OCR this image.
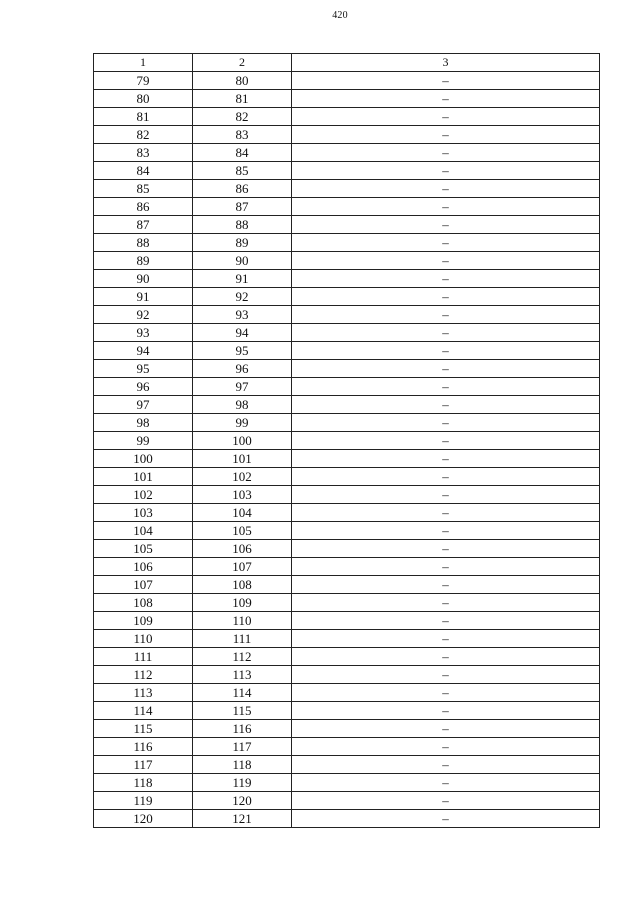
420
1	2	3
79	80	–
80	81	–
81	82	–
82	83	–
83	84	–
84	85	–
85	86	–
86	87	–
87	88	–
88	89	–
89	90	–
90	91	–
91	92	–
92	93	–
93	94	–
94	95	–
95	96	–
96	97	–
97	98	–
98	99	–
99	100	–
100	101	–
101	102	–
102	103	–
103	104	–
104	105	–
105	106	–
106	107	–
107	108	–
108	109	–
109	110	–
110	111	–
111	112	–
112	113	–
113	114	–
114	115	–
115	116	–
116	117	–
117	118	–
118	119	–
119	120	–
120	121	–
